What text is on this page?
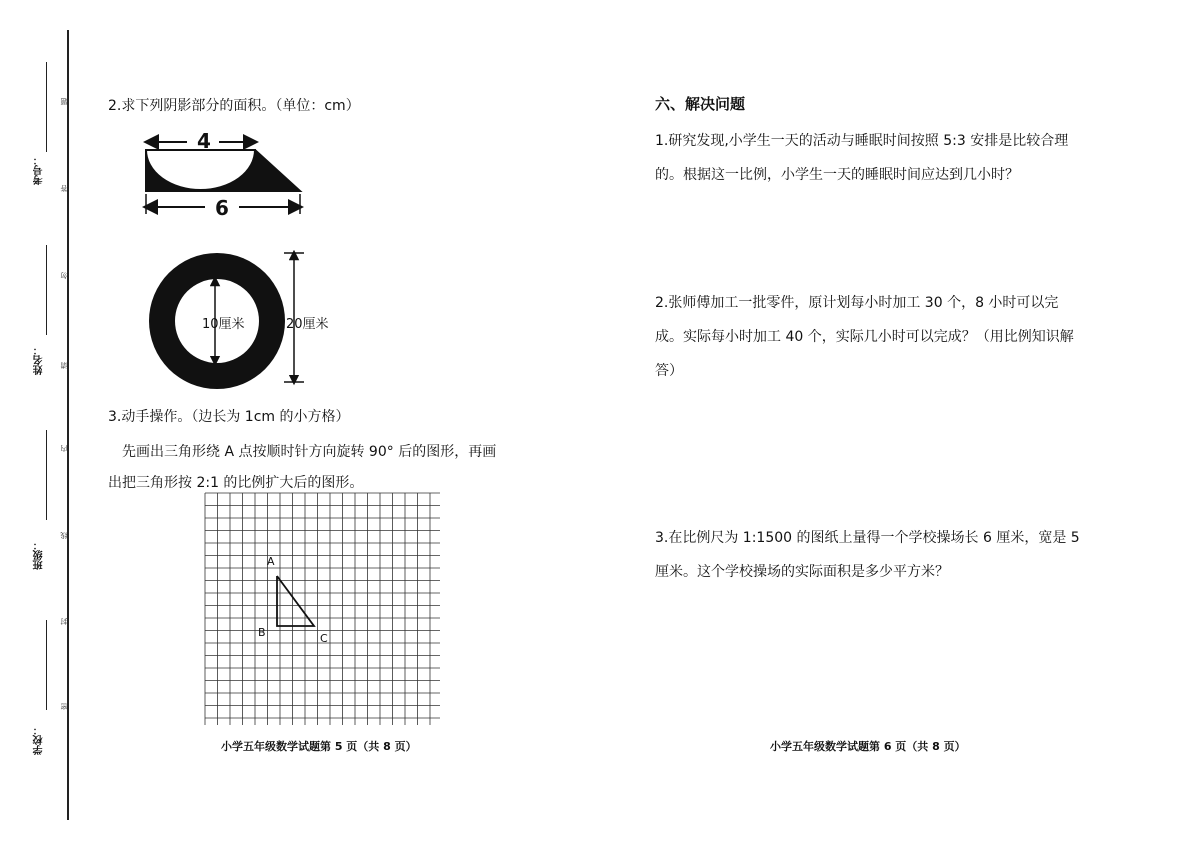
考号：
姓名：
班级：
学校：
题
答
勿
请
内
线
封
密
2.求下列阴影部分的面积。（单位：cm）
4
6
10厘米	20厘米
3.动手操作。（边长为 1cm 的小方格）
先画出三角形绕 A 点按顺时针方向旋转 90° 后的图形，再画
出把三角形按 2:1 的比例扩大后的图形。
A
B	C
小学五年级数学试题第 5 页（共 8 页）
六、解决问题
1.研究发现,小学生一天的活动与睡眠时间按照 5:3 安排是比较合理的。根据这一比例，小学生一天的睡眠时间应达到几小时？
2.张师傅加工一批零件，原计划每小时加工 30 个，8 小时可以完成。实际每小时加工 40 个，实际几小时可以完成？（用比例知识解答）
3.在比例尺为 1:1500 的图纸上量得一个学校操场长 6 厘米，宽是 5 厘米。这个学校操场的实际面积是多少平方米？
小学五年级数学试题第 6 页（共 8 页）
